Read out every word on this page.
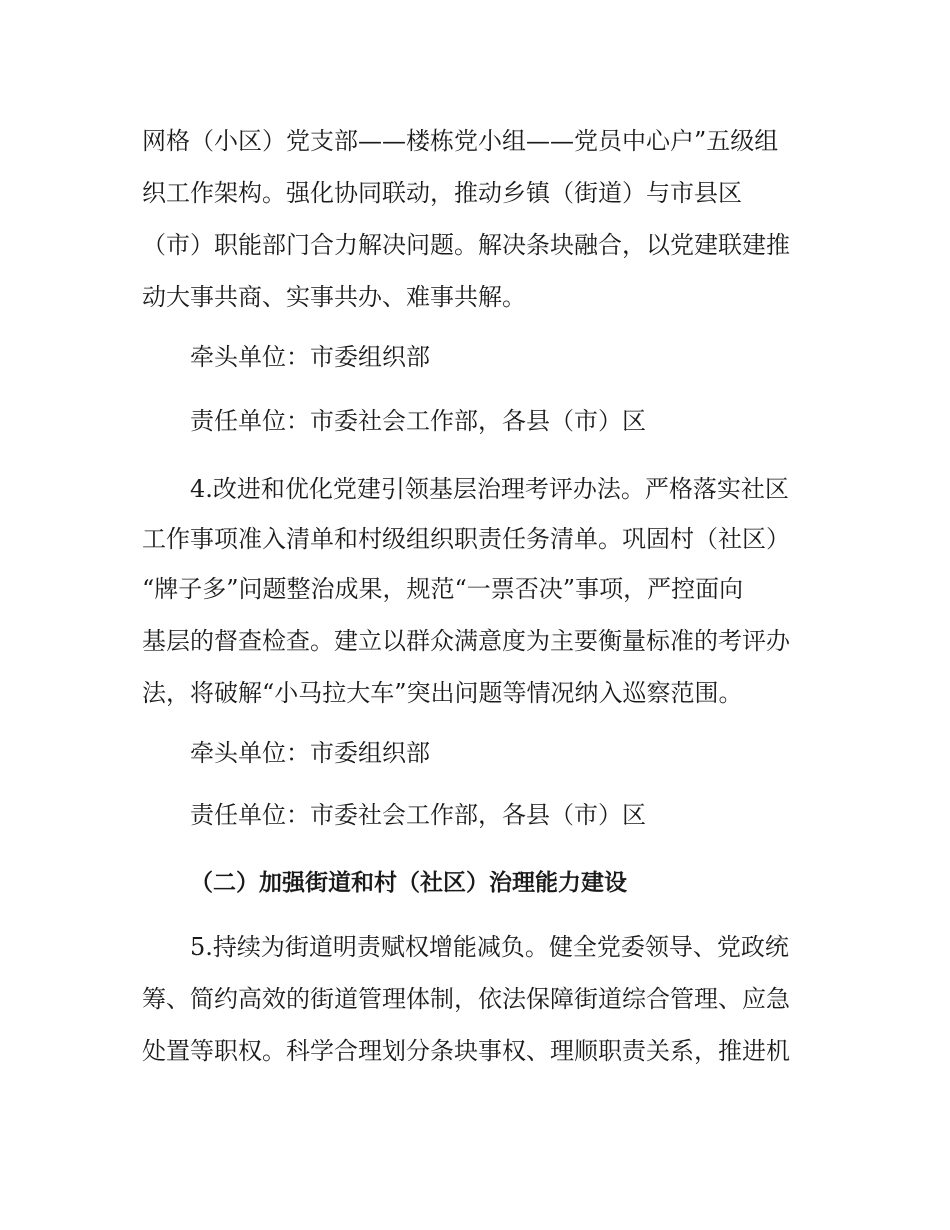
网格（小区）党支部——楼栋党小组——党员中心户”五级组
织工作架构。强化协同联动，推动乡镇（街道）与市县区
（市）职能部门合力解决问题。解决条块融合，以党建联建推
动大事共商、实事共办、难事共解。
牵头单位：市委组织部
责任单位：市委社会工作部，各县（市）区
4.改进和优化党建引领基层治理考评办法。严格落实社区
工作事项准入清单和村级组织职责任务清单。巩固村（社区）
“牌子多”问题整治成果，规范“一票否决”事项，严控面向
基层的督查检查。建立以群众满意度为主要衡量标准的考评办
法，将破解“小马拉大车”突出问题等情况纳入巡察范围。
牵头单位：市委组织部
责任单位：市委社会工作部，各县（市）区
（二）加强街道和村（社区）治理能力建设
5.持续为街道明责赋权增能减负。健全党委领导、党政统
筹、简约高效的街道管理体制，依法保障街道综合管理、应急
处置等职权。科学合理划分条块事权、理顺职责关系，推进机
